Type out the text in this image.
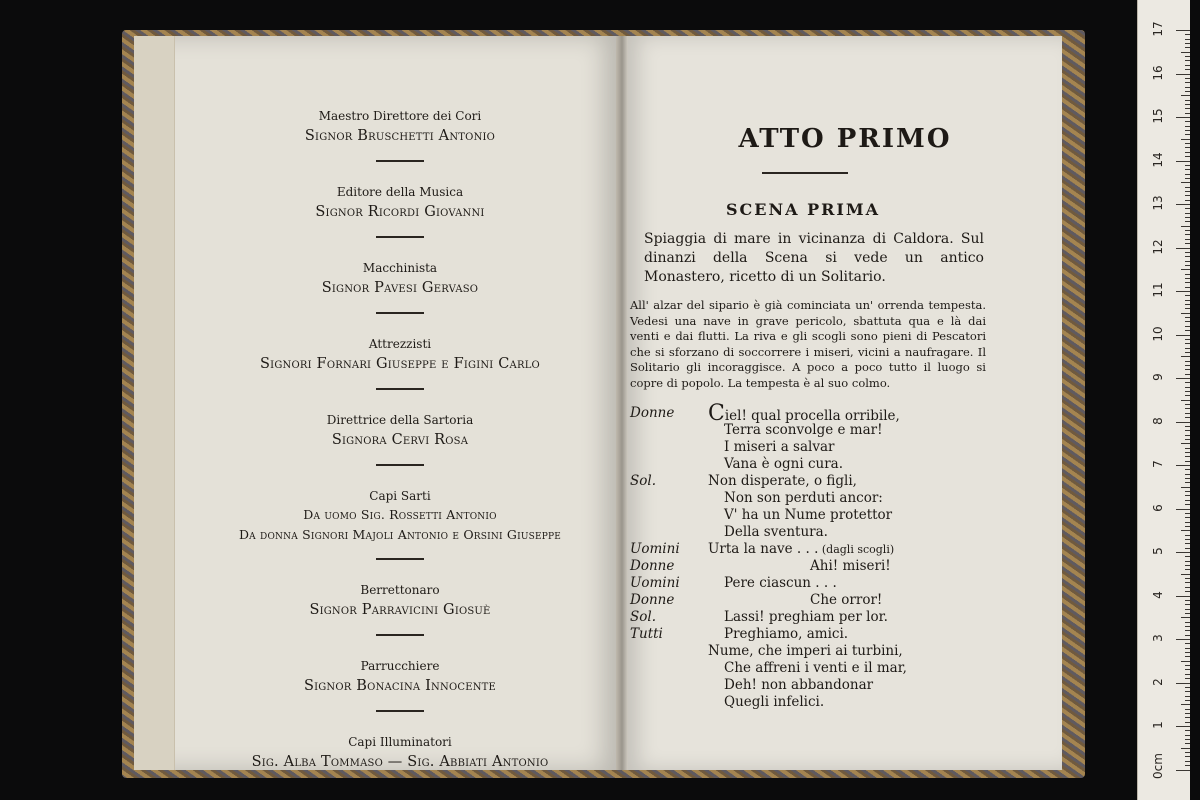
Maestro Direttore dei Cori

Signor Bruschetti Antonio

Editore della Musica

Signor Ricordi Giovanni

Macchinista

Signor Pavesi Gervaso

Attrezzisti

Signori Fornari Giuseppe e Figini Carlo

Direttrice della Sartoria

Signora Cervi Rosa

Capi Sarti

Da uomo Sig. Rossetti Antonio

Da donna Signori Majoli Antonio e Orsini Giuseppe

Berrettonaro

Signor Parravicini Giosuè

Parrucchiere

Signor Bonacina Innocente

Capi Illuminatori

Sig. Alba Tommaso — Sig. Abbiati Antonio

ATTO PRIMO
SCENA PRIMA

Spiaggia di mare in vicinanza di Caldora. Sul dinanzi della Scena si vede un antico Monastero, ricetto di un Solitario.

All' alzar del sipario è già cominciata un' orrenda tempesta. Vedesi una nave in grave pericolo, sbattuta qua e là dai venti e dai flutti. La riva e gli scogli sono pieni di Pescatori che si sforzano di soccorrere i miseri, vicini a naufragare. Il Solitario gli incoraggisce. A poco a poco tutto il luogo si copre di popolo. La tempesta è al suo colmo.

Donne Ciel! qual procella orribile,
Terra sconvolge e mar!
I miseri a salvar
Vana è ogni cura.
Sol.	Non disperate, o figli,
Non son perduti ancor:
V' ha un Nume protettor
Della sventura.
Uomini Urta la nave . . . (dagli scogli)
Donne	Ahi! miseri!
Uomini	Pere ciascun . . .
Donne	Che orror!
Sol.	Lassi! preghiam per lor.
Tutti	Preghiamo, amici.
Nume, che imperi ai turbini,
Che affreni i venti e il mar,
Deh! non abbandonar
Quegli infelici.
17
16
15
14
13
12
11
10
9
8
7
6
5
4
3
2
1
0cm
